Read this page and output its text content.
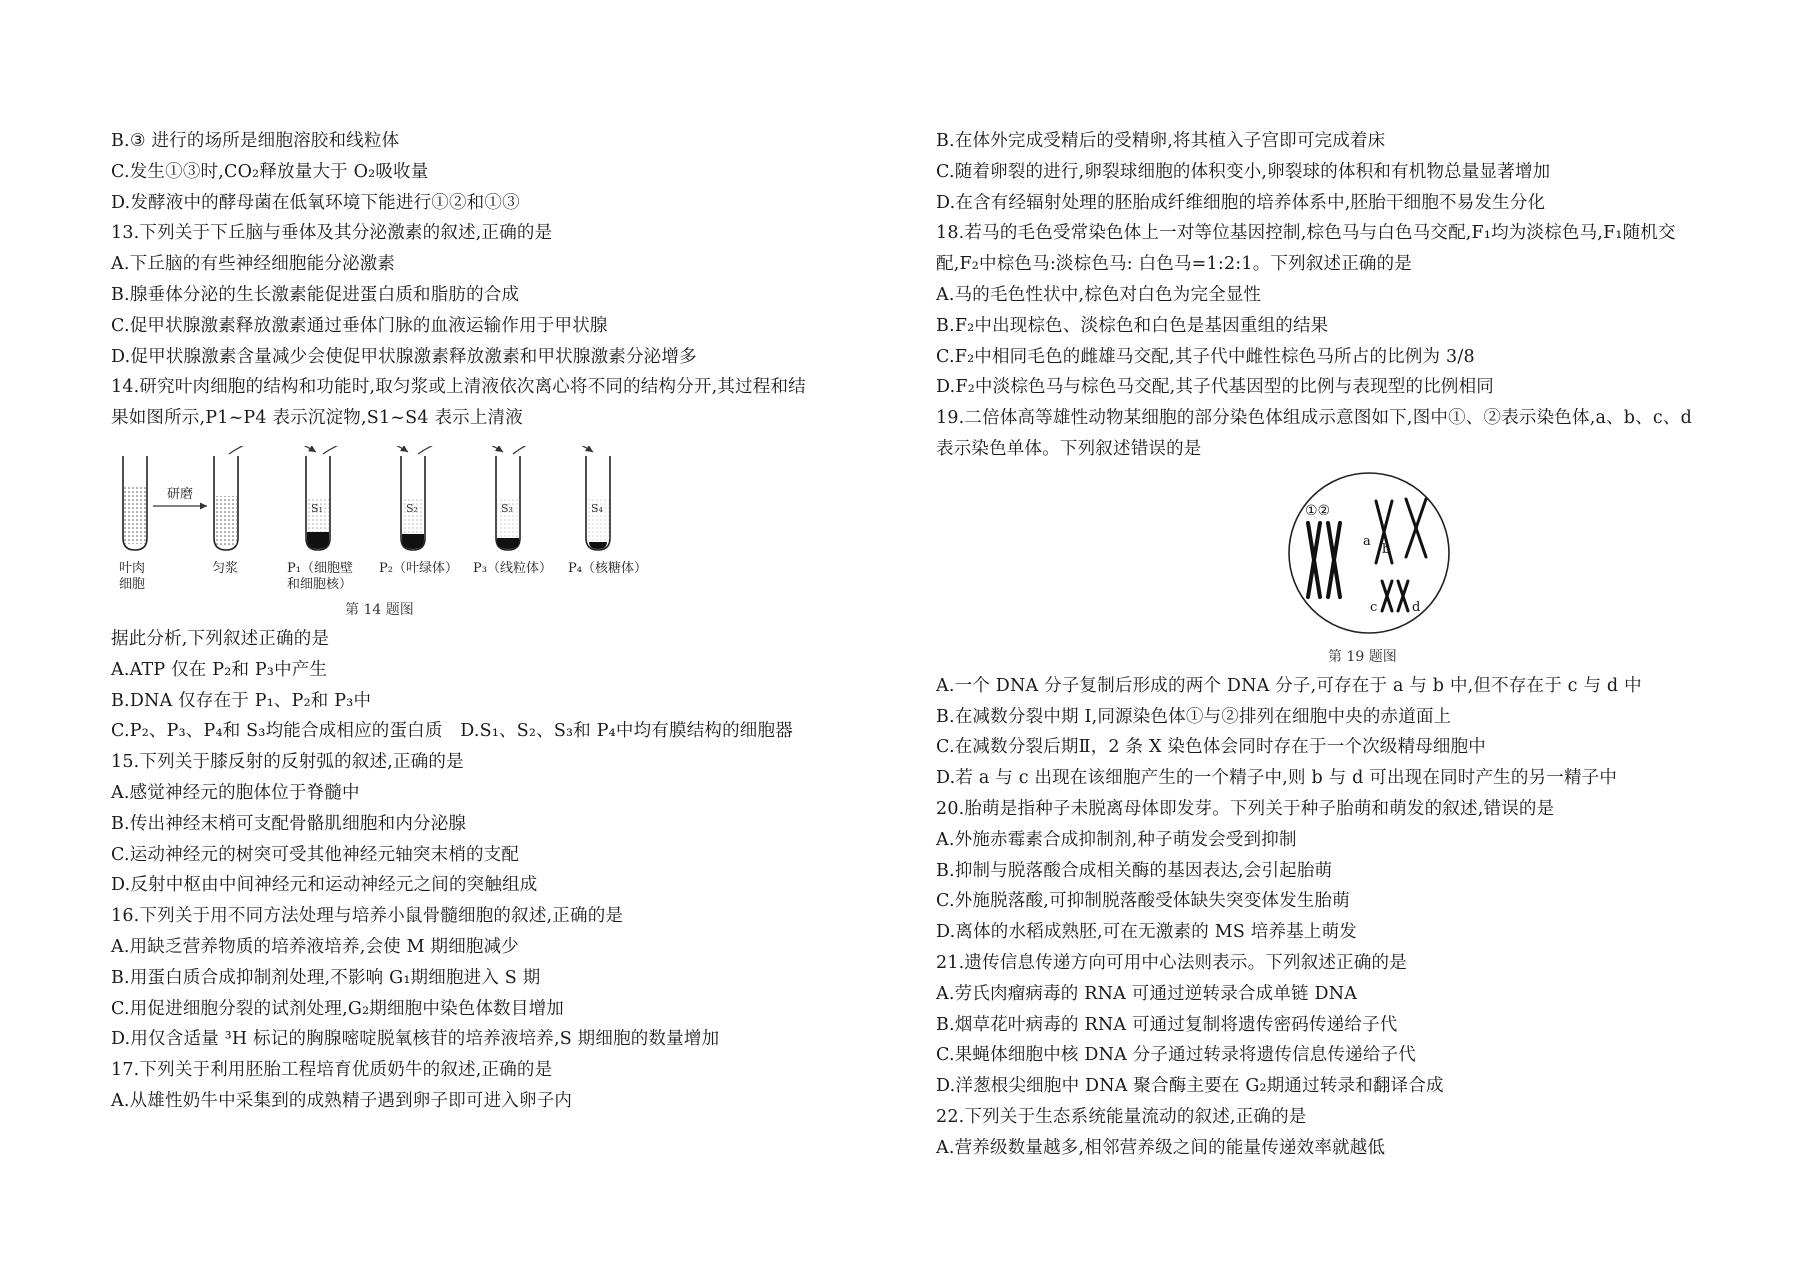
B.③ 进行的场所是细胞溶胶和线粒体
C.发生①③时,CO₂释放量大于 O₂吸收量
D.发酵液中的酵母菌在低氧环境下能进行①②和①③
13.下列关于下丘脑与垂体及其分泌激素的叙述,正确的是
A.下丘脑的有些神经细胞能分泌激素
B.腺垂体分泌的生长激素能促进蛋白质和脂肪的合成
C.促甲状腺激素释放激素通过垂体门脉的血液运输作用于甲状腺
D.促甲状腺激素含量减少会使促甲状腺激素释放激素和甲状腺激素分泌增多
14.研究叶肉细胞的结构和功能时,取匀浆或上清液依次离心将不同的结构分开,其过程和结
果如图所示,P1~P4 表示沉淀物,S1~S4 表示上清液
研磨
S₁	S₂	S₃	S₄
叶肉
细胞
匀浆	P₁（细胞壁
和细胞核）
P₂（叶绿体） P₃（线粒体） P₄（核糖体）
第 14 题图
据此分析,下列叙述正确的是
A.ATP 仅在 P₂和 P₃中产生
B.DNA 仅存在于 P₁、P₂和 P₃中
C.P₂、P₃、P₄和 S₃均能合成相应的蛋白质　D.S₁、S₂、S₃和 P₄中均有膜结构的细胞器
15.下列关于膝反射的反射弧的叙述,正确的是
A.感觉神经元的胞体位于脊髓中
B.传出神经末梢可支配骨骼肌细胞和内分泌腺
C.运动神经元的树突可受其他神经元轴突末梢的支配
D.反射中枢由中间神经元和运动神经元之间的突触组成
16.下列关于用不同方法处理与培养小鼠骨髓细胞的叙述,正确的是
A.用缺乏营养物质的培养液培养,会使 M 期细胞减少
B.用蛋白质合成抑制剂处理,不影响 G₁期细胞进入 S 期
C.用促进细胞分裂的试剂处理,G₂期细胞中染色体数目增加
D.用仅含适量 ³H 标记的胸腺嘧啶脱氧核苷的培养液培养,S 期细胞的数量增加
17.下列关于利用胚胎工程培育优质奶牛的叙述,正确的是
A.从雄性奶牛中采集到的成熟精子遇到卵子即可进入卵子内
B.在体外完成受精后的受精卵,将其植入子宫即可完成着床
C.随着卵裂的进行,卵裂球细胞的体积变小,卵裂球的体积和有机物总量显著增加
D.在含有经辐射处理的胚胎成纤维细胞的培养体系中,胚胎干细胞不易发生分化
18.若马的毛色受常染色体上一对等位基因控制,棕色马与白色马交配,F₁均为淡棕色马,F₁随机交
配,F₂中棕色马:淡棕色马: 白色马=1:2:1。下列叙述正确的是
A.马的毛色性状中,棕色对白色为完全显性
B.F₂中出现棕色、淡棕色和白色是基因重组的结果
C.F₂中相同毛色的雌雄马交配,其子代中雌性棕色马所占的比例为 3/8
D.F₂中淡棕色马与棕色马交配,其子代基因型的比例与表现型的比例相同
19.二倍体高等雄性动物某细胞的部分染色体组成示意图如下,图中①、②表示染色体,a、b、c、d
表示染色单体。下列叙述错误的是
①②
a
b
c	d
第 19 题图
A.一个 DNA 分子复制后形成的两个 DNA 分子,可存在于 a 与 b 中,但不存在于 c 与 d 中
B.在减数分裂中期 I,同源染色体①与②排列在细胞中央的赤道面上
C.在减数分裂后期Ⅱ，2 条 X 染色体会同时存在于一个次级精母细胞中
D.若 a 与 c 出现在该细胞产生的一个精子中,则 b 与 d 可出现在同时产生的另一精子中
20.胎萌是指种子未脱离母体即发芽。下列关于种子胎萌和萌发的叙述,错误的是
A.外施赤霉素合成抑制剂,种子萌发会受到抑制
B.抑制与脱落酸合成相关酶的基因表达,会引起胎萌
C.外施脱落酸,可抑制脱落酸受体缺失突变体发生胎萌
D.离体的水稻成熟胚,可在无激素的 MS 培养基上萌发
21.遗传信息传递方向可用中心法则表示。下列叙述正确的是
A.劳氏肉瘤病毒的 RNA 可通过逆转录合成单链 DNA
B.烟草花叶病毒的 RNA 可通过复制将遗传密码传递给子代
C.果蝇体细胞中核 DNA 分子通过转录将遗传信息传递给子代
D.洋葱根尖细胞中 DNA 聚合酶主要在 G₂期通过转录和翻译合成
22.下列关于生态系统能量流动的叙述,正确的是
A.营养级数量越多,相邻营养级之间的能量传递效率就越低
